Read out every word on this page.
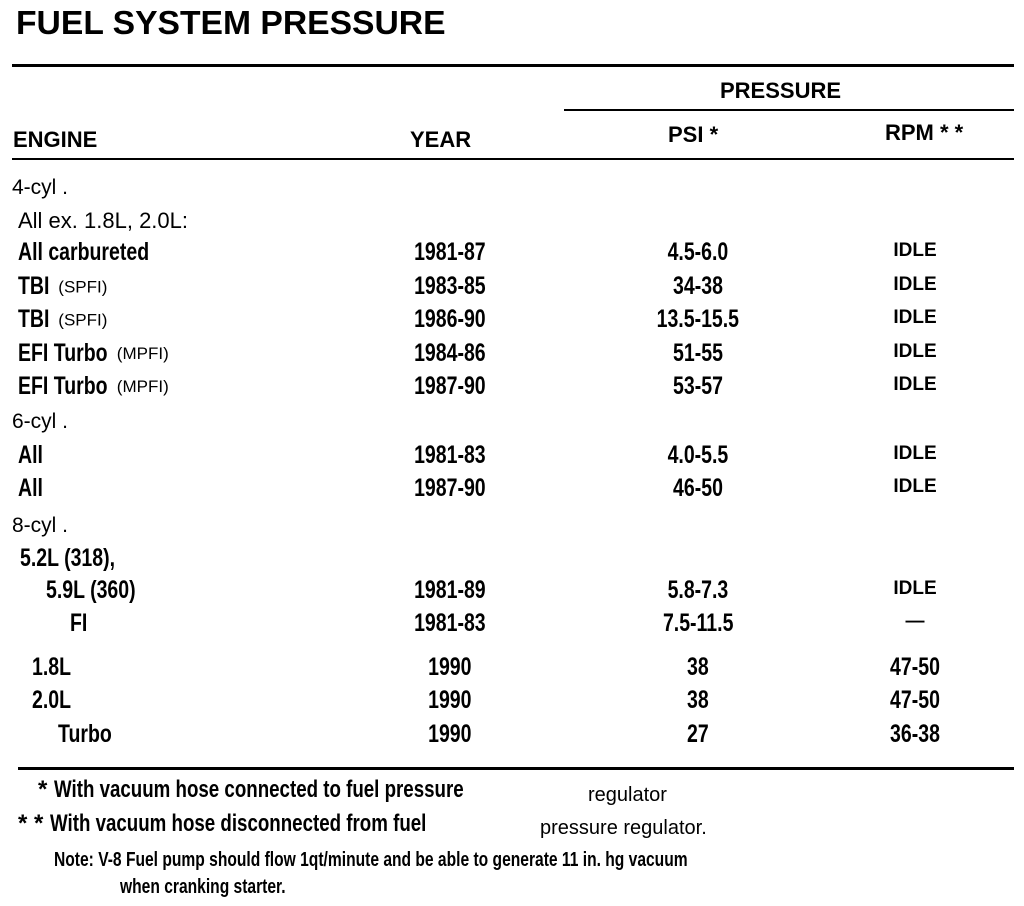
FUEL SYSTEM PRESSURE
PRESSURE
ENGINE	YEAR	PSI *	RPM * *
4-cyl .
All ex. 1.8L, 2.0L:
All carbureted	1981-87	4.5-6.0	IDLE
TBI (SPFI)	1983-85	34-38	IDLE
TBI (SPFI)	1986-90	13.5-15.5	IDLE
EFI Turbo (MPFI)	1984-86	51-55	IDLE
EFI Turbo (MPFI)	1987-90	53-57	IDLE
6-cyl .
All	1981-83	4.0-5.5	IDLE
All	1987-90	46-50	IDLE
8-cyl .
5.2L (318),
5.9L (360)	1981-89	5.8-7.3	IDLE
FI	1981-83	7.5-11.5	—
1.8L	1990	38	47-50
2.0L	1990	38	47-50
Turbo	1990	27	36-38
* With vacuum hose connected to fuel pressure	regulator
* * With vacuum hose disconnected from fuel	pressure regulator.
Note: V-8 Fuel pump should flow 1qt/minute and be able to generate 11 in. hg vacuum
when cranking starter.
